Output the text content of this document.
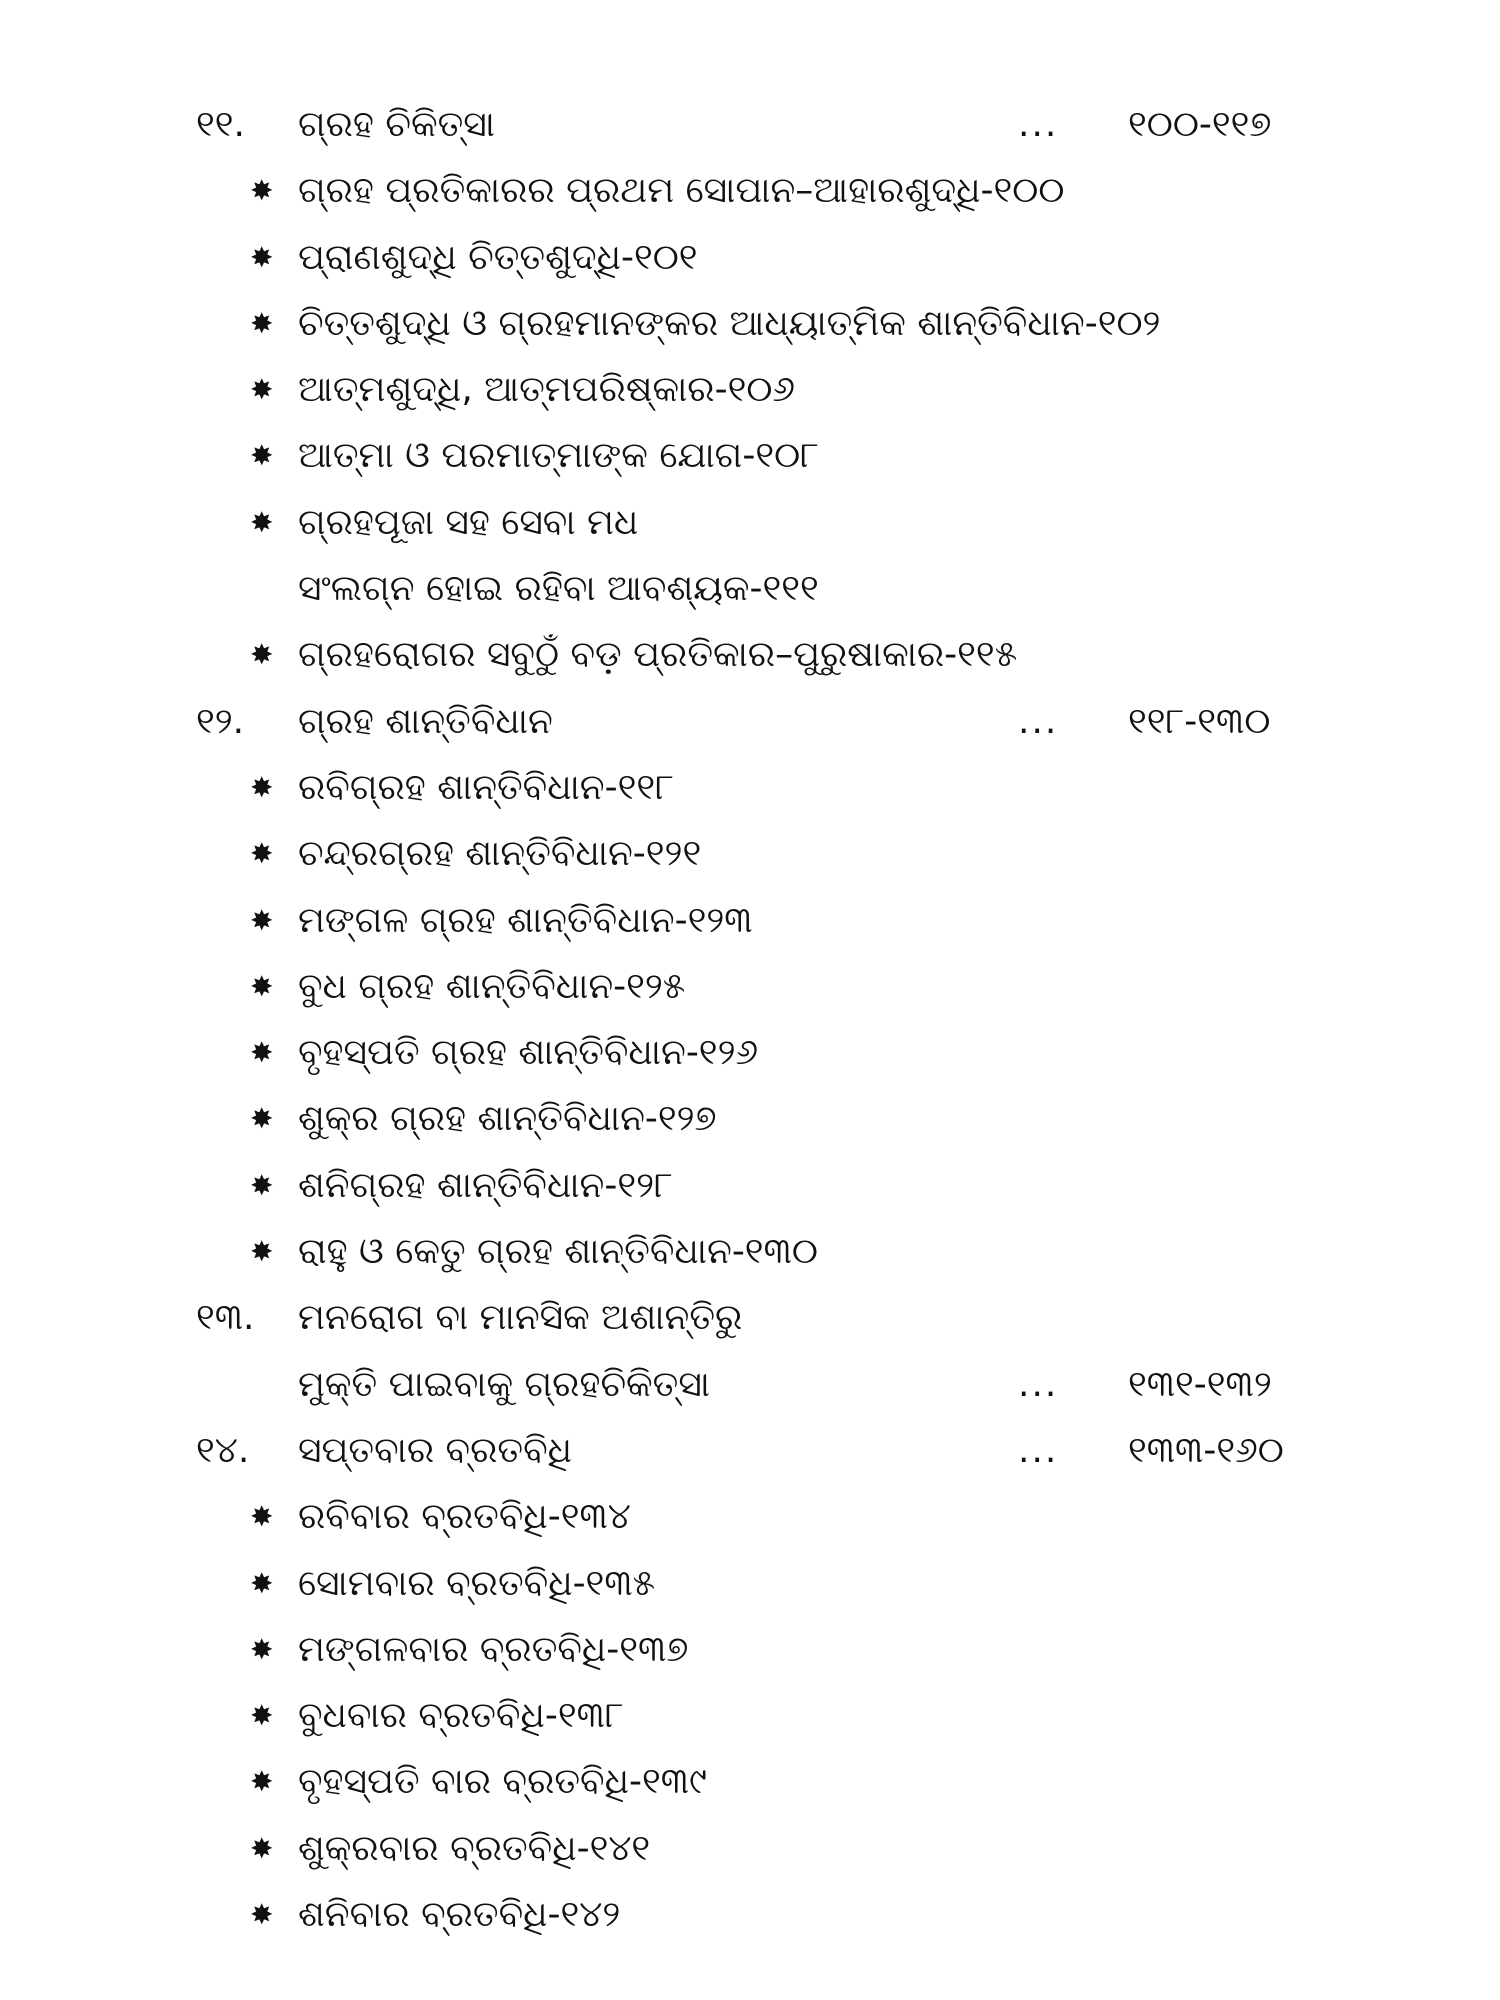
୧୧. ଗ୍ରହ ଚିକିତ୍ସା	... ୧୦୦-୧୧୭
✸ ଗ୍ରହ ପ୍ରତିକାରର ପ୍ରଥମ ସୋପାନ–ଆହାରଶୁଦ୍ଧି-୧୦୦
✸ ପ୍ରାଣଶୁଦ୍ଧି ଚିତ୍ତଶୁଦ୍ଧି-୧୦୧
✸ ଚିତ୍ତଶୁଦ୍ଧି ଓ ଗ୍ରହମାନଙ୍କର ଆଧ୍ୟାତ୍ମିକ ଶାନ୍ତିବିଧାନ-୧୦୨
✸ ଆତ୍ମଶୁଦ୍ଧି, ଆତ୍ମପରିଷ୍କାର-୧୦୬
✸ ଆତ୍ମା ଓ ପରମାତ୍ମାଙ୍କ ଯୋଗ-୧୦୮
✸ ଗ୍ରହପୂଜା ସହ ସେବା ମଧ
ସଂଲଗ୍ନ ହୋଇ ରହିବା ଆବଶ୍ୟକ-୧୧୧
✸ ଗ୍ରହରୋଗର ସବୁଠୁଁ ବଡ଼ ପ୍ରତିକାର–ପୁରୁଷାକାର-୧୧୫
୧୨. ଗ୍ରହ ଶାନ୍ତିବିଧାନ	... ୧୧୮-୧୩୦
✸ ରବିଗ୍ରହ ଶାନ୍ତିବିଧାନ-୧୧୮
✸ ଚନ୍ଦ୍ରଗ୍ରହ ଶାନ୍ତିବିଧାନ-୧୨୧
✸ ମଙ୍ଗଳ ଗ୍ରହ ଶାନ୍ତିବିଧାନ-୧୨୩
✸ ବୁଧ ଗ୍ରହ ଶାନ୍ତିବିଧାନ-୧୨୫
✸ ବୃହସ୍ପତି ଗ୍ରହ ଶାନ୍ତିବିଧାନ-୧୨୬
✸ ଶୁକ୍ର ଗ୍ରହ ଶାନ୍ତିବିଧାନ-୧୨୭
✸ ଶନିଗ୍ରହ ଶାନ୍ତିବିଧାନ-୧୨୮
✸ ରାହୁ ଓ କେତୁ ଗ୍ରହ ଶାନ୍ତିବିଧାନ-୧୩୦
୧୩. ମନରୋଗ ବା ମାନସିକ ଅଶାନ୍ତିରୁ
ମୁକ୍ତି ପାଇବାକୁ ଗ୍ରହଚିକିତ୍ସା	... ୧୩୧-୧୩୨
୧୪. ସପ୍ତବାର ବ୍ରତବିଧି	... ୧୩୩-୧୬୦
✸ ରବିବାର ବ୍ରତବିଧି-୧୩୪
✸ ସୋମବାର ବ୍ରତବିଧି-୧୩୫
✸ ମଙ୍ଗଳବାର ବ୍ରତବିଧି-୧୩୭
✸ ବୁଧବାର ବ୍ରତବିଧି-୧୩୮
✸ ବୃହସ୍ପତି ବାର ବ୍ରତବିଧି-୧୩୯
✸ ଶୁକ୍ରବାର ବ୍ରତବିଧି-୧୪୧
✸ ଶନିବାର ବ୍ରତବିଧି-୧୪୨
